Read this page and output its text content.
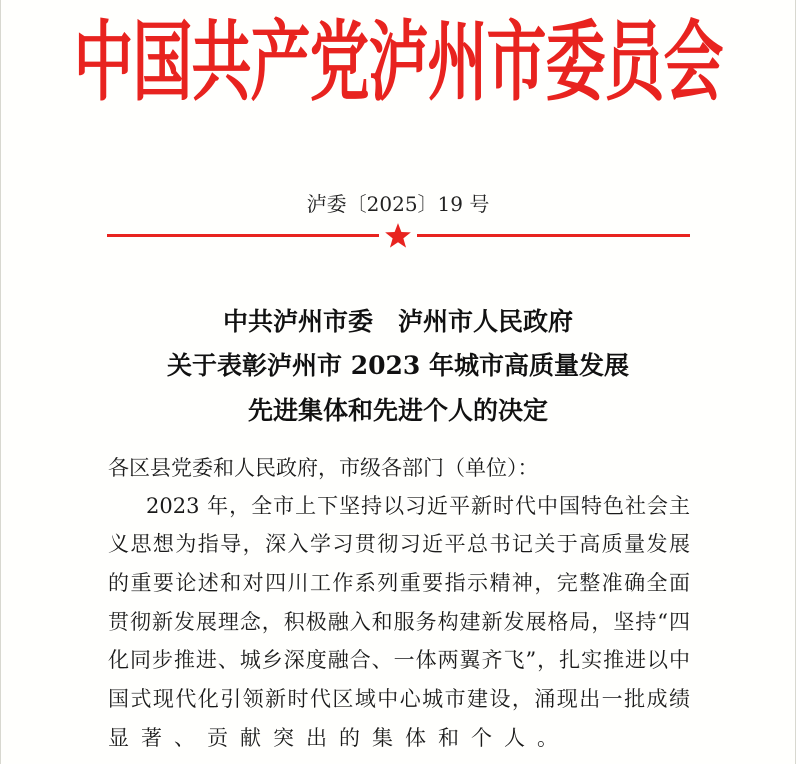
中国共产党泸州市委员会
泸委〔2025〕19 号
中共泸州市委　泸州市人民政府
关于表彰泸州市 2023 年城市高质量发展
先进集体和先进个人的决定
各区县党委和人民政府，市级各部门（单位）：
2023 年，全市上下坚持以习近平新时代中国特色社会主
义思想为指导，深入学习贯彻习近平总书记关于高质量发展
的重要论述和对四川工作系列重要指示精神，完整准确全面
贯彻新发展理念，积极融入和服务构建新发展格局，坚持“四
化同步推进、城乡深度融合、一体两翼齐飞”，扎实推进以中
国式现代化引领新时代区域中心城市建设，涌现出一批成绩
显著、贡献突出的集体和个人。
